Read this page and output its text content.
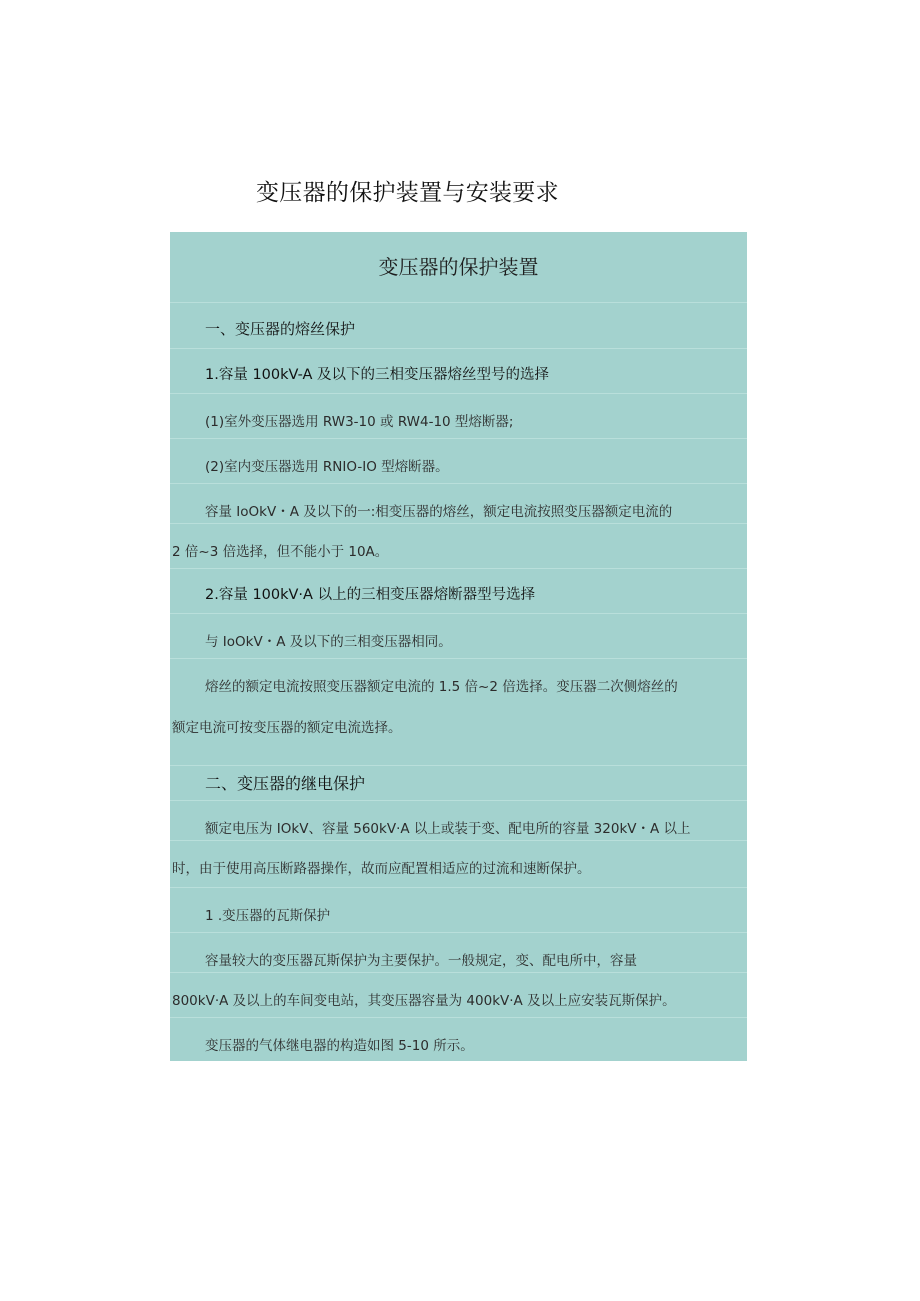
变压器的保护装置与安装要求
变压器的保护装置
一、变压器的熔丝保护
1.容量 100kV-A 及以下的三相变压器熔丝型号的选择
(1)室外变压器选用 RW3-10 或 RW4-10 型熔断器;
(2)室内变压器选用 RNIO-IO 型熔断器。
容量 IoOkV・A 及以下的一:相变压器的熔丝，额定电流按照变压器额定电流的
2 倍~3 倍选择，但不能小于 10A。
2.容量 100kV·A 以上的三相变压器熔断器型号选择
与 IoOkV・A 及以下的三相变压器相同。
熔丝的额定电流按照变压器额定电流的 1.5 倍~2 倍选择。变压器二次侧熔丝的
额定电流可按变压器的额定电流选择。
二、变压器的继电保护
额定电压为 IOkV、容量 560kV·A 以上或装于变、配电所的容量 320kV・A 以上
时，由于使用高压断路器操作，故而应配置相适应的过流和速断保护。
1 .变压器的瓦斯保护
容量较大的变压器瓦斯保护为主要保护。一般规定，变、配电所中，容量
800kV·A 及以上的车间变电站，其变压器容量为 400kV·A 及以上应安装瓦斯保护。
变压器的气体继电器的构造如图 5-10 所示。
